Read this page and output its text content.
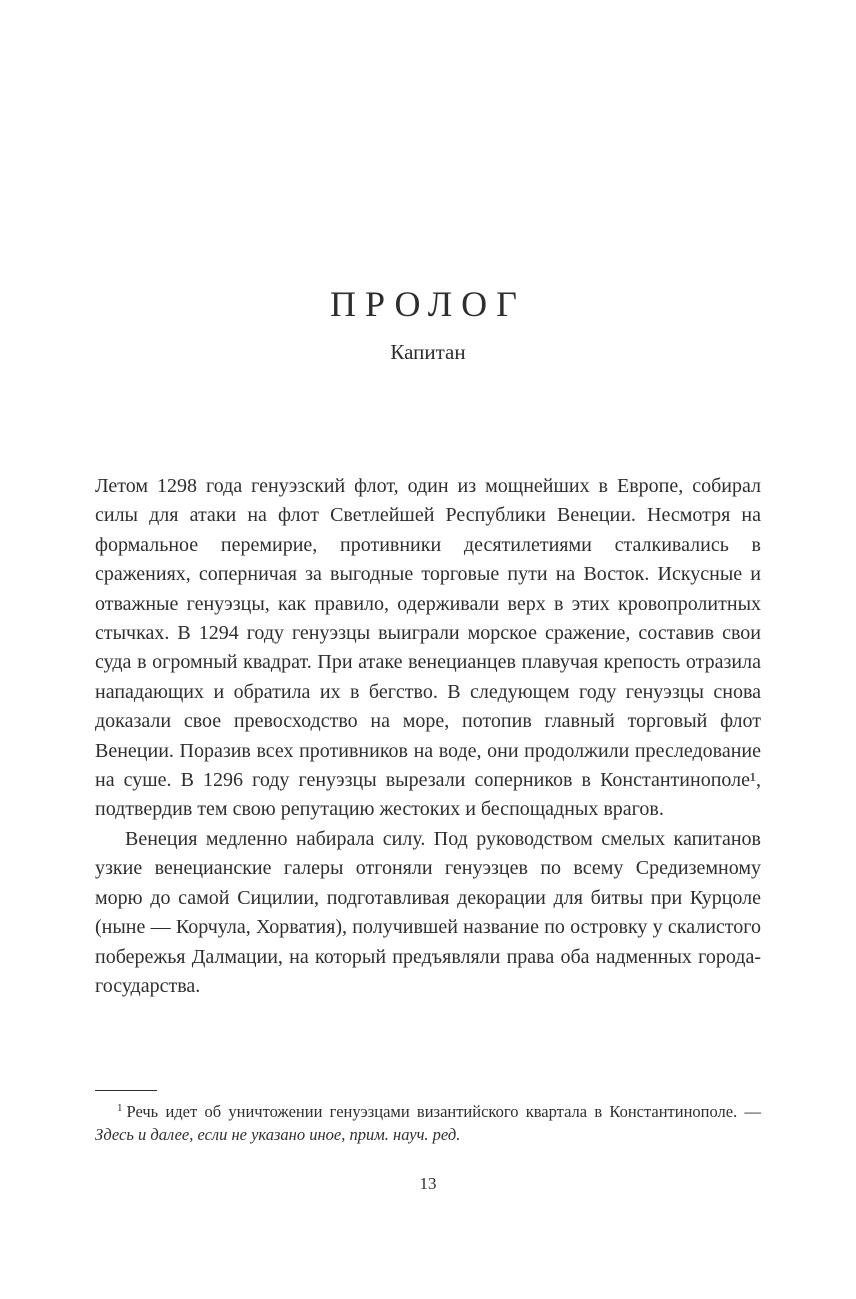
ПРОЛОГ
Капитан

Летом 1298 года генуэзский флот, один из мощнейших в Европе, собирал силы для атаки на флот Светлейшей Республики Венеции. Несмотря на формальное перемирие, противники десятилетиями сталкивались в сражениях, соперничая за выгодные торговые пути на Восток. Искусные и отважные генуэзцы, как правило, одерживали верх в этих кровопролитных стычках. В 1294 году генуэзцы выиграли морское сражение, составив свои суда в огромный квадрат. При атаке венецианцев плавучая крепость отразила нападающих и обратила их в бегство. В следующем году генуэзцы снова доказали свое превосходство на море, потопив главный торговый флот Венеции. Поразив всех противников на воде, они продолжили преследование на суше. В 1296 году генуэзцы вырезали соперников в Константинополе¹, подтвердив тем свою репутацию жестоких и беспощадных врагов.

Венеция медленно набирала силу. Под руководством смелых капитанов узкие венецианские галеры отгоняли генуэзцев по всему Средиземному морю до самой Сицилии, подготавливая декорации для битвы при Курцоле (ныне — Корчула, Хорватия), получившей название по островку у скалистого побережья Далмации, на который предъявляли права оба надменных города-государства.

$^1$ Речь идет об уничтожении генуэзцами византийского квартала в Константинополе. — Здесь и далее, если не указано иное, прим. науч. ред.

13
